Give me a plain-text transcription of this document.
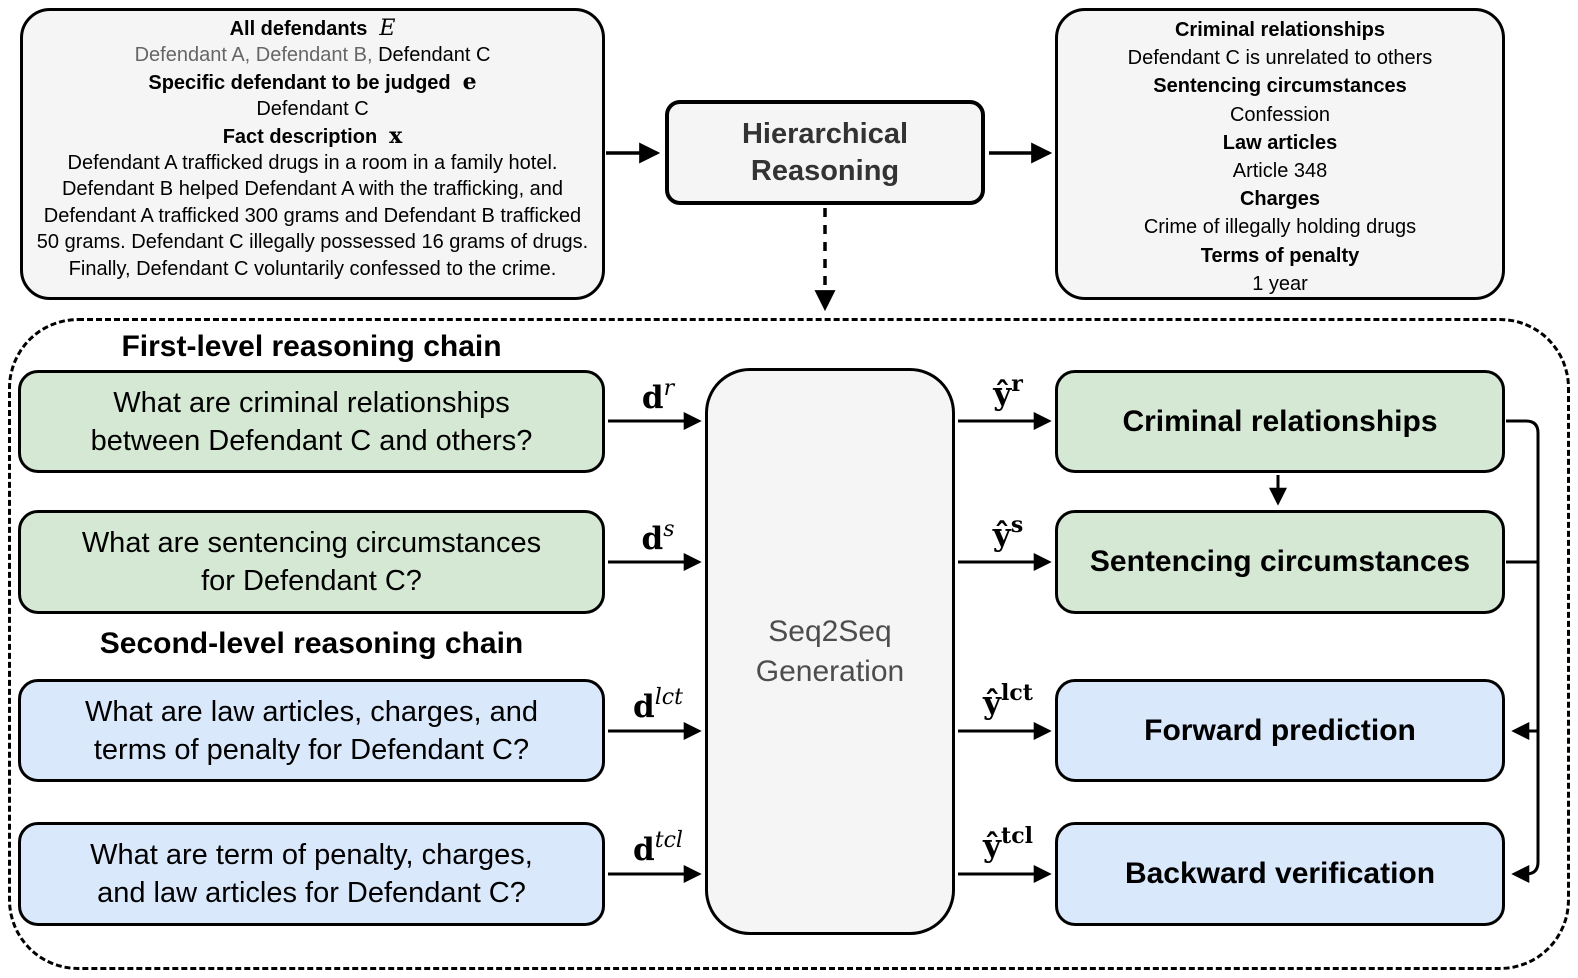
All defendants E
Defendant A, Defendant B, Defendant C
Specific defendant to be judged e
Defendant C
Fact description x
Defendant A trafficked drugs in a room in a family hotel. Defendant B helped Defendant A with the trafficking, and Defendant A trafficked 300 grams and Defendant B trafficked 50 grams. Defendant C illegally possessed 16 grams of drugs. Finally, Defendant C voluntarily confessed to the crime.
Hierarchical
Reasoning
Criminal relationships
Defendant C is unrelated to others
Sentencing circumstances
Confession
Law articles
Article 348
Charges
Crime of illegally holding drugs
Terms of penalty
1 year
First-level reasoning chain
Second-level reasoning chain
What are criminal relationships
between Defendant C and others?
What are sentencing circumstances
for Defendant C?
What are law articles, charges, and
terms of penalty for Defendant C?
What are term of penalty, charges,
and law articles for Defendant C?
Seq2Seq
Generation
Criminal relationships
Sentencing circumstances
Forward prediction
Backward verification
$d^r$
$d^s$
$d^{lct}$
$d^{tcl}$
$ŷ^r$
$ŷ^s$
$ŷ^{lct}$
$ŷ^{tcl}$
